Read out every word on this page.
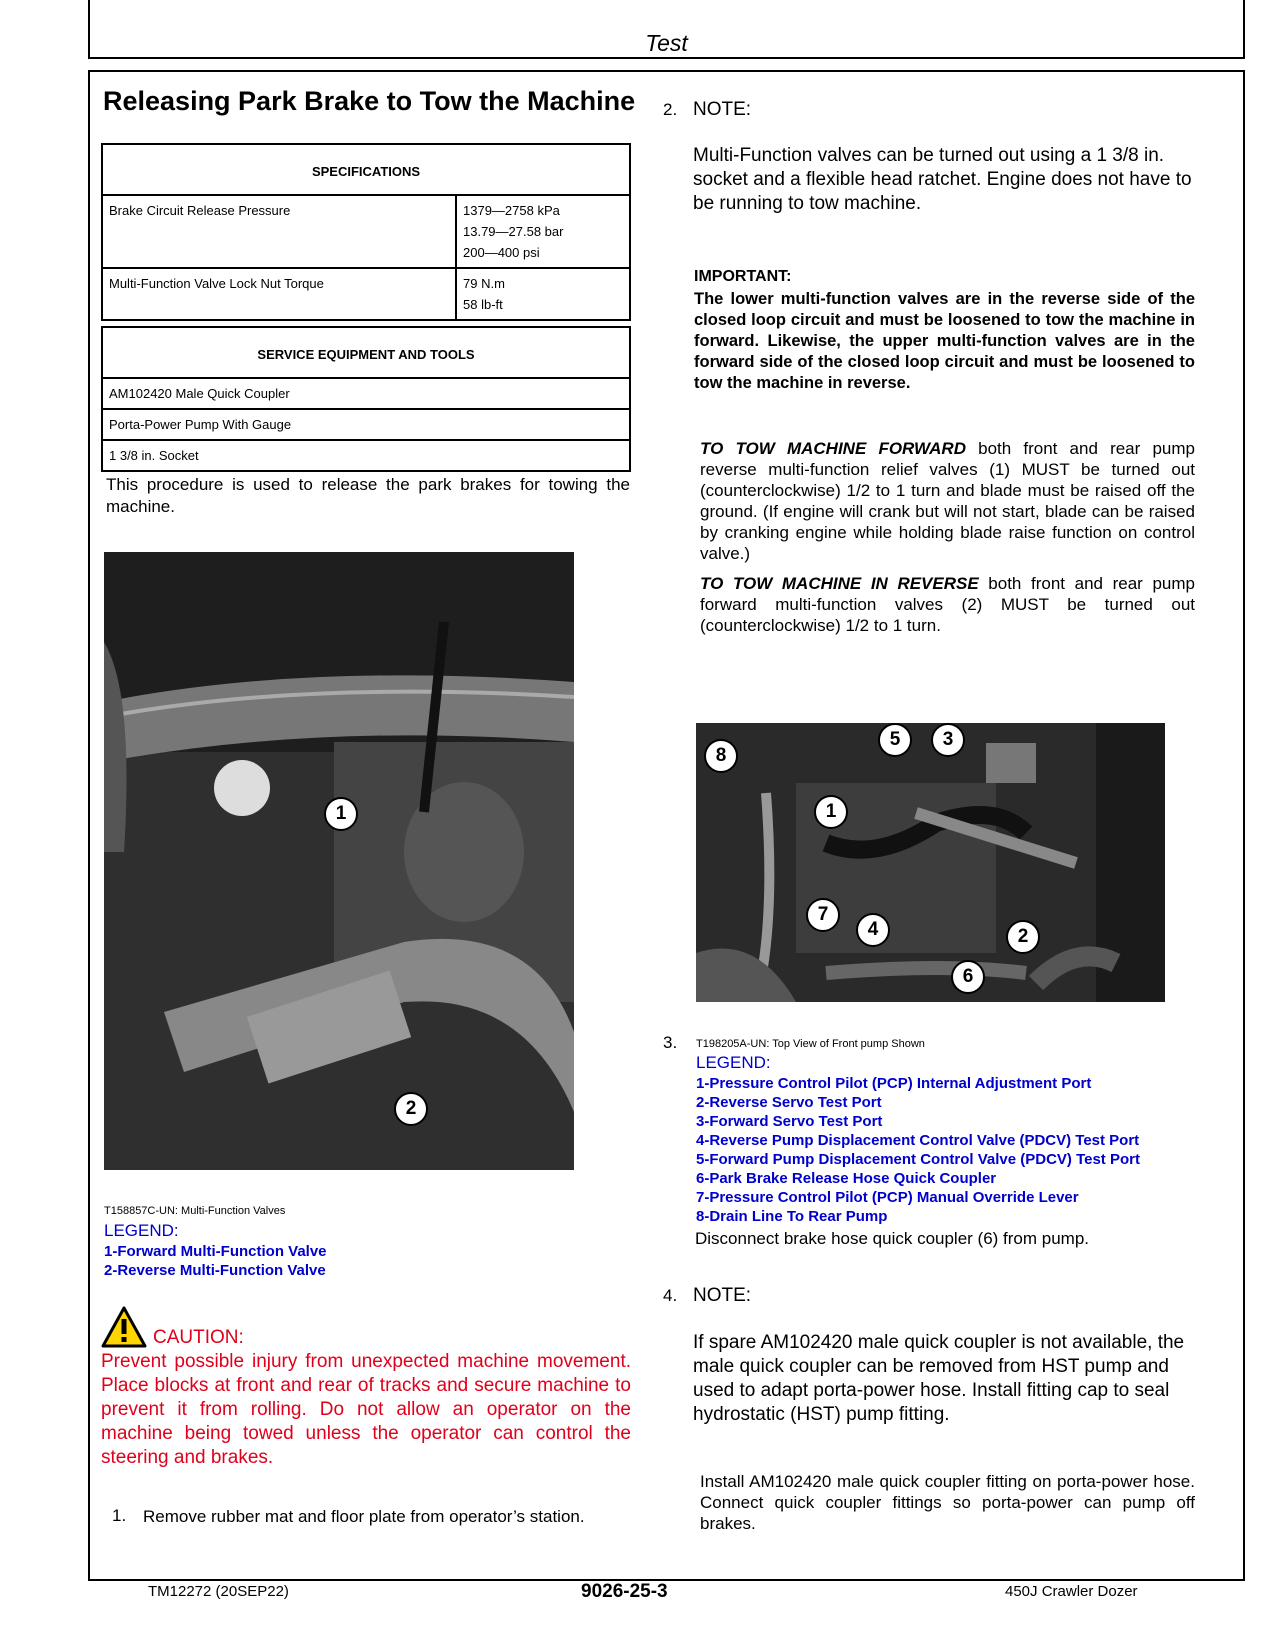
Test
Releasing Park Brake to Tow the Machine
SPECIFICATIONS	
Brake Circuit Release Pressure	1379—2758 kPa
13.79—27.58 bar
200—400 psi

Multi-Function Valve Lock Nut Torque	79 N.m
58 lb-ft
SERVICE EQUIPMENT AND TOOLS
AM102420 Male Quick Coupler
Porta-Power Pump With Gauge
1 3/8 in. Socket
This procedure is used to release the park brakes for towing the machine.
1
2
T158857C-UN: Multi-Function Valves
LEGEND:
1-Forward Multi-Function Valve
2-Reverse Multi-Function Valve
CAUTION:
Prevent possible injury from unexpected machine movement. Place blocks at front and rear of tracks and secure machine to prevent it from rolling. Do not allow an operator on the machine being towed unless the operator can control the steering and brakes.
1. Remove rubber mat and floor plate from operator’s station.
2. NOTE:
Multi-Function valves can be turned out using a 1 3/8 in. socket and a flexible head ratchet. Engine does not have to be running to tow machine.
IMPORTANT:
The lower multi-function valves are in the reverse side of the closed loop circuit and must be loosened to tow the machine in forward. Likewise, the upper multi-function valves are in the forward side of the closed loop circuit and must be loosened to tow the machine in reverse.
TO TOW MACHINE FORWARD both front and rear pump reverse multi-function relief valves (1) MUST be turned out (counterclockwise) 1/2 to 1 turn and blade must be raised off the ground. (If engine will crank but will not start, blade can be raised by cranking engine while holding blade raise function on control valve.)
TO TOW MACHINE IN REVERSE both front and rear pump forward multi-function valves (2) MUST be turned out (counterclockwise) 1/2 to 1 turn.
8
5	3
1
7
4	2
6
3. T198205A-UN: Top View of Front pump Shown
LEGEND:
1-Pressure Control Pilot (PCP) Internal Adjustment Port
2-Reverse Servo Test Port
3-Forward Servo Test Port
4-Reverse Pump Displacement Control Valve (PDCV) Test Port
5-Forward Pump Displacement Control Valve (PDCV) Test Port
6-Park Brake Release Hose Quick Coupler
7-Pressure Control Pilot (PCP) Manual Override Lever
8-Drain Line To Rear Pump
Disconnect brake hose quick coupler (6) from pump.
4. NOTE:
If spare AM102420 male quick coupler is not available, the male quick coupler can be removed from HST pump and used to adapt porta-power hose. Install fitting cap to seal hydrostatic (HST) pump fitting.
Install AM102420 male quick coupler fitting on porta-power hose. Connect quick coupler fittings so porta-power can pump off brakes.
TM12272 (20SEP22)	9026-25-3	450J Crawler Dozer
